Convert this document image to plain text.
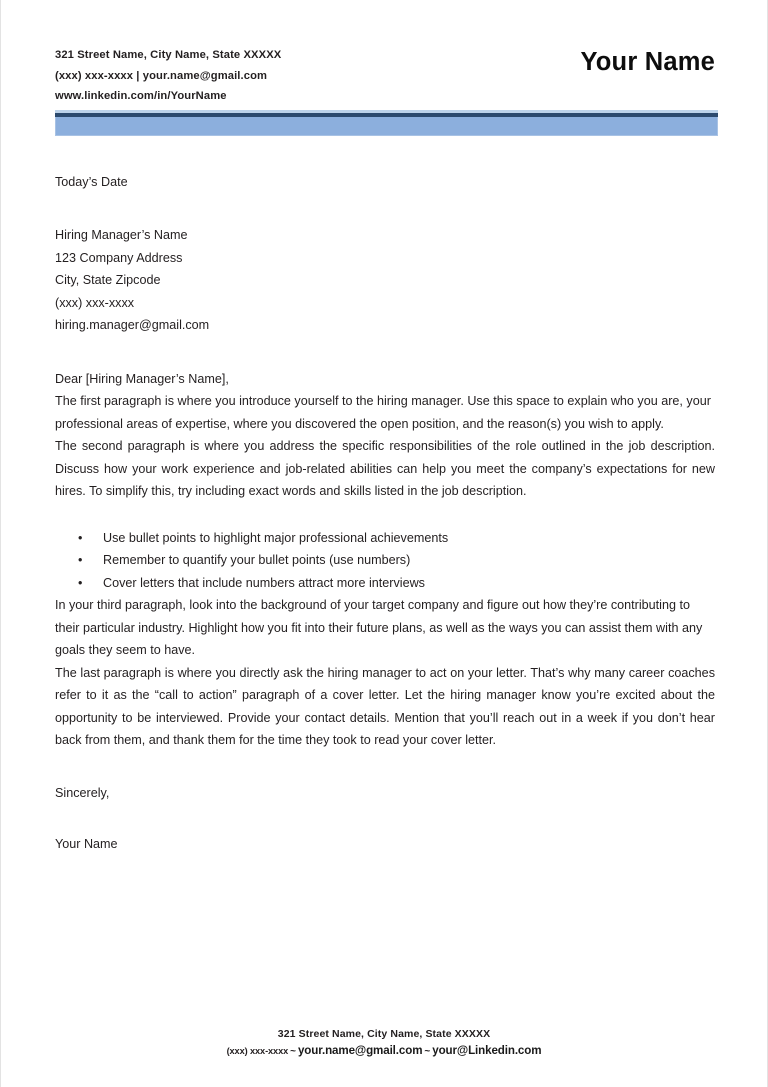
321 Street Name, City Name, State XXXXX
(xxx) xxx-xxxx | your.name@gmail.com
www.linkedin.com/in/YourName
Your Name
Today’s Date
Hiring Manager’s Name
123 Company Address
City, State Zipcode
(xxx) xxx-xxxx
hiring.manager@gmail.com
Dear [Hiring Manager’s Name],

The first paragraph is where you introduce yourself to the hiring manager. Use this space to explain who you are, your professional areas of expertise, where you discovered the open position, and the reason(s) you wish to apply.

The second paragraph is where you address the specific responsibilities of the role outlined in the job description. Discuss how your work experience and job-related abilities can help you meet the company’s expectations for new hires. To simplify this, try including exact words and skills listed in the job description.

•	Use bullet points to highlight major professional achievements
•	Remember to quantify your bullet points (use numbers)
•	Cover letters that include numbers attract more interviews

In your third paragraph, look into the background of your target company and figure out how they’re contributing to their particular industry. Highlight how you fit into their future plans, as well as the ways you can assist them with any goals they seem to have.

The last paragraph is where you directly ask the hiring manager to act on your letter. That’s why many career coaches refer to it as the “call to action” paragraph of a cover letter. Let the hiring manager know you’re excited about the opportunity to be interviewed. Provide your contact details. Mention that you’ll reach out in a week if you don’t hear back from them, and thank them for the time they took to read your cover letter.

Sincerely,
Your Name
321 Street Name, City Name, State XXXXX
(xxx) xxx-xxxx ~ your.name@gmail.com ~ your@Linkedin.com
